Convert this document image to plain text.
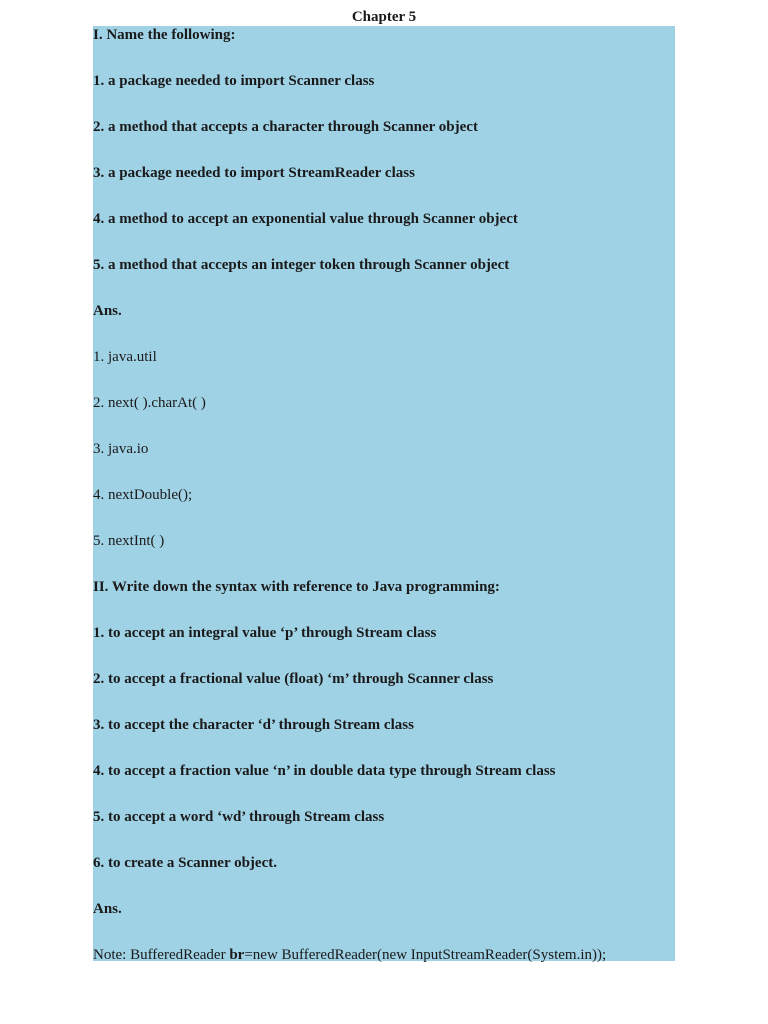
Chapter 5
I. Name the following:
1. a package needed to import Scanner class
2. a method that accepts a character through Scanner object
3. a package needed to import StreamReader class
4. a method to accept an exponential value through Scanner object
5. a method that accepts an integer token through Scanner object
Ans.
1. java.util
2. next( ).charAt( )
3. java.io
4. nextDouble();
5. nextInt( )
II. Write down the syntax with reference to Java programming:
1. to accept an integral value ‘p’ through Stream class
2. to accept a fractional value (float) ‘m’ through Scanner class
3. to accept the character ‘d’ through Stream class
4. to accept a fraction value ‘n’ in double data type through Stream class
5. to accept a word ‘wd’ through Stream class
6. to create a Scanner object.
Ans.
Note: BufferedReader br=new BufferedReader(new InputStreamReader(System.in));
